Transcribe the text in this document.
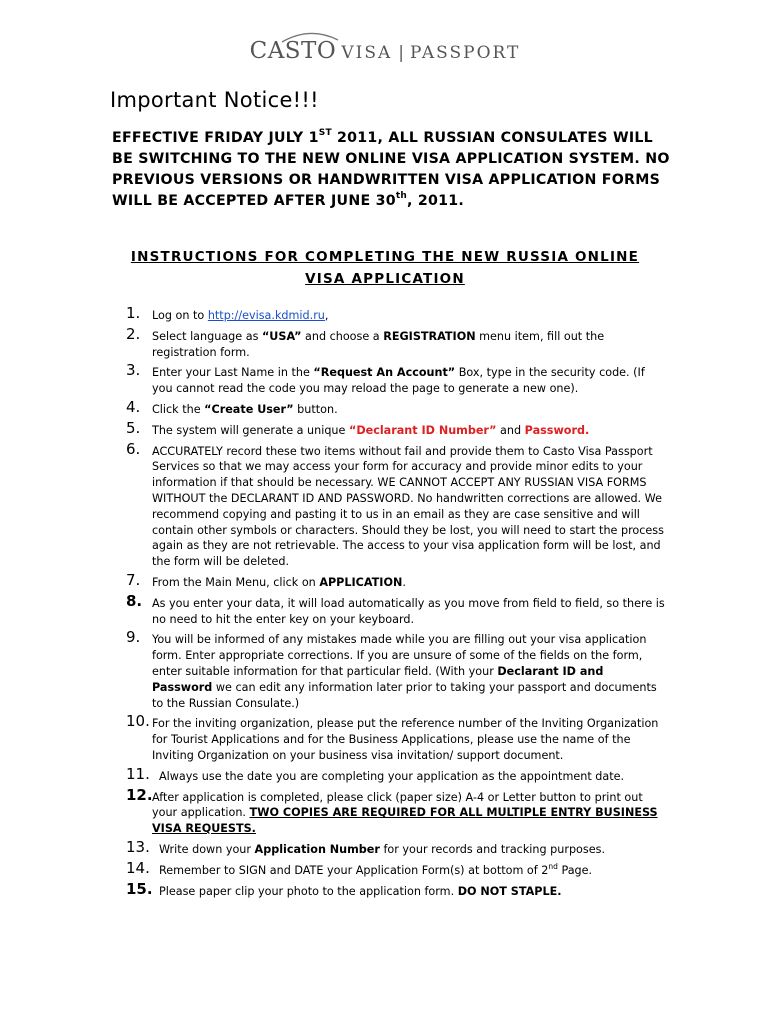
CASTO VISA | PASSPORT
Important Notice!!!
EFFECTIVE FRIDAY JULY 1ST 2011, ALL RUSSIAN CONSULATES WILL BE SWITCHING TO THE NEW ONLINE VISA APPLICATION SYSTEM. NO PREVIOUS VERSIONS OR HANDWRITTEN VISA APPLICATION FORMS WILL BE ACCEPTED AFTER JUNE 30th, 2011.
INSTRUCTIONS FOR COMPLETING THE NEW RUSSIA ONLINE
VISA APPLICATION
1. Log on to http://evisa.kdmid.ru,
2. Select language as “USA” and choose a REGISTRATION menu item, fill out the registration form.
3. Enter your Last Name in the “Request An Account” Box, type in the security code. (If you cannot read the code you may reload the page to generate a new one).
4. Click the “Create User” button.
5. The system will generate a unique “Declarant ID Number” and Password.
6. ACCURATELY record these two items without fail and provide them to Casto Visa Passport Services so that we may access your form for accuracy and provide minor edits to your information if that should be necessary. WE CANNOT ACCEPT ANY RUSSIAN VISA FORMS WITHOUT the DECLARANT ID AND PASSWORD. No handwritten corrections are allowed. We recommend copying and pasting it to us in an email as they are case sensitive and will contain other symbols or characters. Should they be lost, you will need to start the process again as they are not retrievable. The access to your visa application form will be lost, and the form will be deleted.
7. From the Main Menu, click on APPLICATION.
8. As you enter your data, it will load automatically as you move from field to field, so there is no need to hit the enter key on your keyboard.
9. You will be informed of any mistakes made while you are filling out your visa application form. Enter appropriate corrections. If you are unsure of some of the fields on the form, enter suitable information for that particular field. (With your Declarant ID and Password we can edit any information later prior to taking your passport and documents to the Russian Consulate.)
10. For the inviting organization, please put the reference number of the Inviting Organization for Tourist Applications and for the Business Applications, please use the name of the Inviting Organization on your business visa invitation/ support document.
11. Always use the date you are completing your application as the appointment date.
12. After application is completed, please click (paper size) A-4 or Letter button to print out your application. TWO COPIES ARE REQUIRED FOR ALL MULTIPLE ENTRY BUSINESS VISA REQUESTS.
13. Write down your Application Number for your records and tracking purposes.
14. Remember to SIGN and DATE your Application Form(s) at bottom of 2nd Page.
15. Please paper clip your photo to the application form. DO NOT STAPLE.
